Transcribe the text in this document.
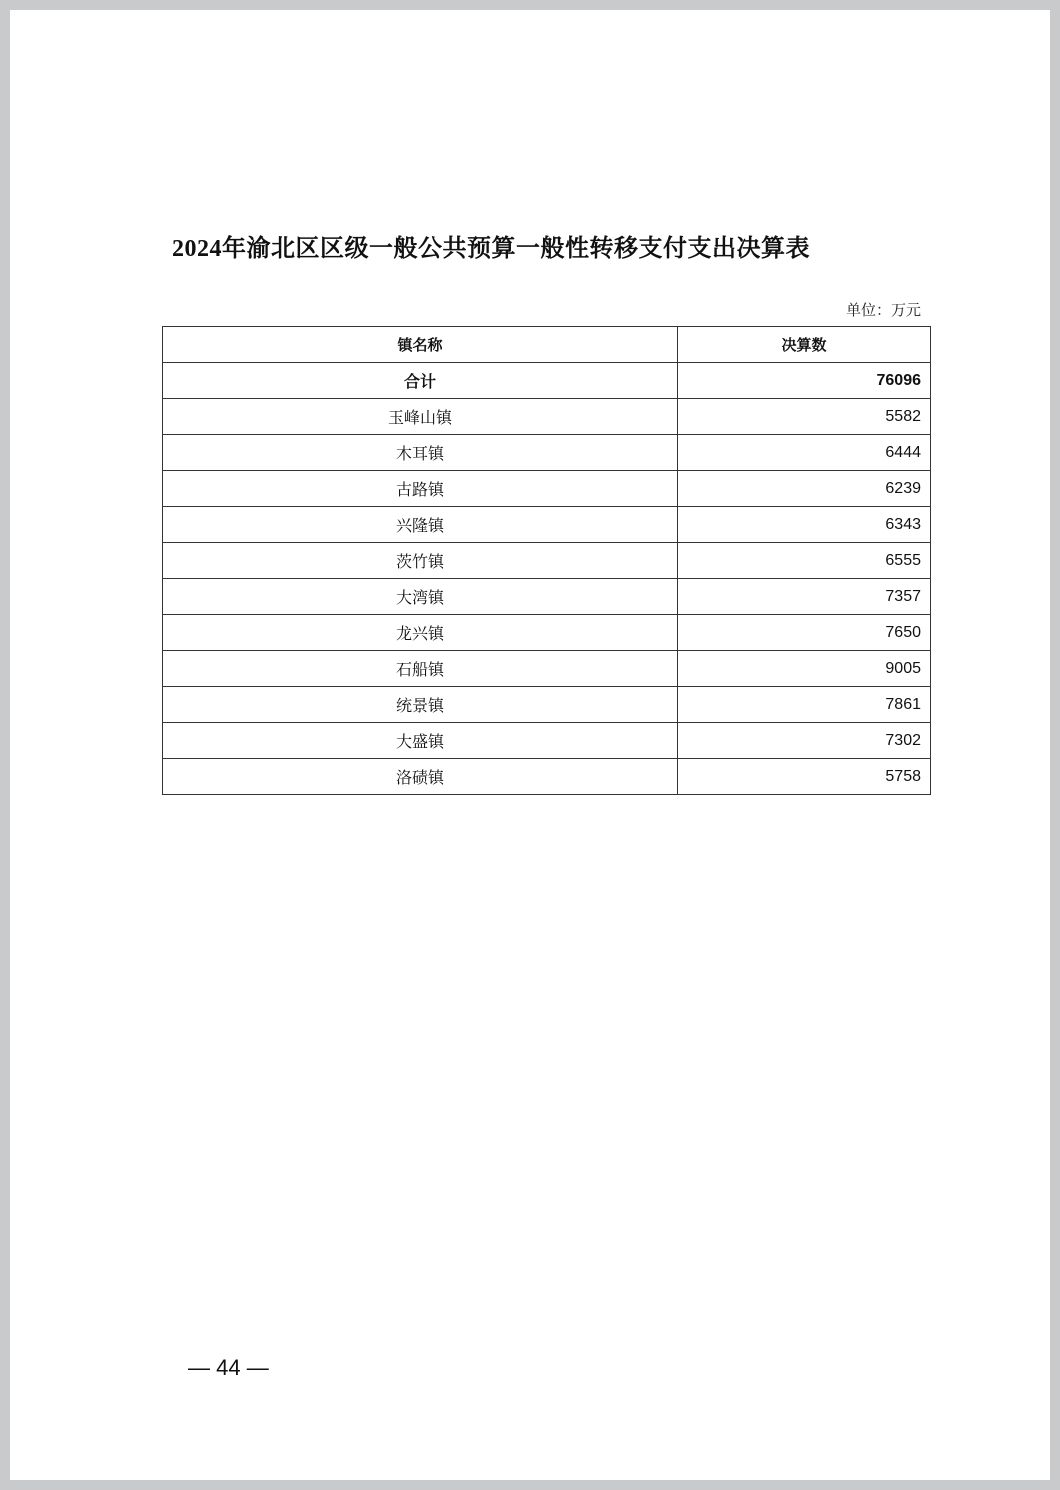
2024年渝北区区级一般公共预算一般性转移支付支出决算表
单位：万元
镇名称	决算数
合计	76096
玉峰山镇	5582
木耳镇	6444
古路镇	6239
兴隆镇	6343
茨竹镇	6555
大湾镇	7357
龙兴镇	7650
石船镇	9005
统景镇	7861
大盛镇	7302
洛碛镇	5758
— 44 —
